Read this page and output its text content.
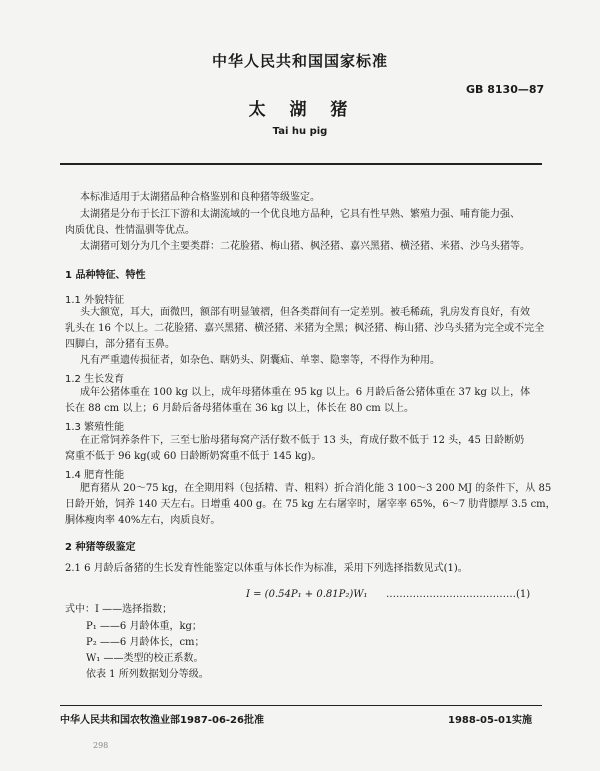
中华人民共和国国家标准
GB 8130—87
太  湖  猪
Tai hu pig
本标准适用于太湖猪品种合格鉴别和良种猪等级鉴定。
太湖猪是分布于长江下游和太湖流域的一个优良地方品种，它具有性早熟、繁殖力强、哺育能力强、
肉质优良、性情温驯等优点。
太湖猪可划分为几个主要类群：二花脸猪、梅山猪、枫泾猪、嘉兴黑猪、横泾猪、米猪、沙乌头猪等。
1 品种特征、特性
1.1 外貌特征
头大额宽，耳大，面微凹，额部有明显皱褶，但各类群间有一定差别。被毛稀疏，乳房发育良好，有效
乳头在 16 个以上。二花脸猪、嘉兴黑猪、横泾猪、米猪为全黑；枫泾猪、梅山猪、沙乌头猪为完全或不完全
四脚白，部分猪有玉鼻。
凡有严重遗传损征者，如杂色、瞎奶头、阴囊疝、单睾、隐睾等，不得作为种用。
1.2 生长发育
成年公猪体重在 100 kg 以上，成年母猪体重在 95 kg 以上。6 月龄后备公猪体重在 37 kg 以上，体
长在 88 cm 以上；6 月龄后备母猪体重在 36 kg 以上，体长在 80 cm 以上。
1.3 繁殖性能
在正常饲养条件下，三至七胎母猪每窝产活仔数不低于 13 头，育成仔数不低于 12 头，45 日龄断奶
窝重不低于 96 kg(或 60 日龄断奶窝重不低于 145 kg)。
1.4 肥育性能
肥育猪从 20～75 kg，在全期用料（包括精、青、粗料）折合消化能 3 100～3 200 MJ 的条件下，从 85
日龄开始，饲养 140 天左右。日增重 400 g。在 75 kg 左右屠宰时，屠宰率 65%，6～7 肋背膘厚 3.5 cm，
胴体瘦肉率 40%左右，肉质良好。
2 种猪等级鉴定
2.1 6 月龄后备猪的生长发育性能鉴定以体重与体长作为标准，采用下列选择指数见式(1)。
I = (0.54P₁ + 0.81P₂)W₁ …………………………………(1)
式中：I ——选择指数；
P₁ ——6 月龄体重，kg；
P₂ ——6 月龄体长，cm；
W₁ ——类型的校正系数。
依表 1 所列数据划分等级。
中华人民共和国农牧渔业部1987-06-26批准	1988-05-01实施
298
